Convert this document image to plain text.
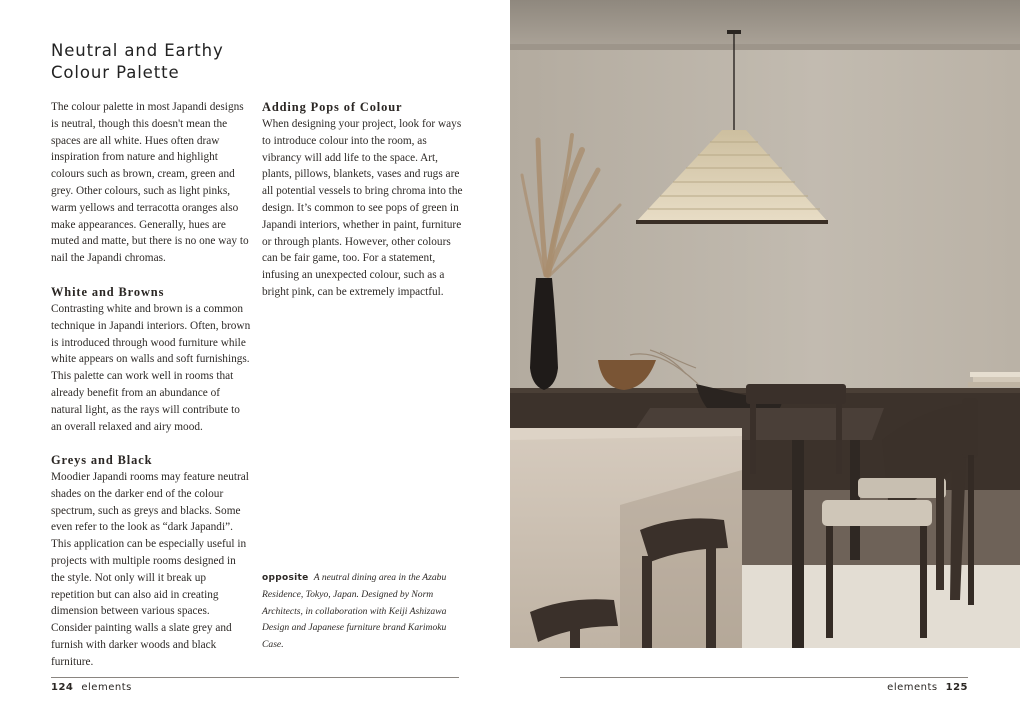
Neutral and Earthy
Colour Palette

The colour palette in most Japandi designs is neutral, though this doesn't mean the spaces are all white. Hues often draw inspiration from nature and highlight colours such as brown, cream, green and grey. Other colours, such as light pinks, warm yellows and terracotta oranges also make appearances. Generally, hues are muted and matte, but there is no one way to nail the Japandi chromas.

White and Browns

Contrasting white and brown is a common technique in Japandi interiors. Often, brown is introduced through wood furniture while white appears on walls and soft furnishings. This palette can work well in rooms that already benefit from an abundance of natural light, as the rays will contribute to an overall relaxed and airy mood.

Greys and Black

Moodier Japandi rooms may feature neutral shades on the darker end of the colour spectrum, such as greys and blacks. Some even refer to the look as “dark Japandi”. This application can be especially useful in projects with multiple rooms designed in the style. Not only will it break up repetition but can also aid in creating dimension between various spaces. Consider painting walls a slate grey and furnish with darker woods and black furniture.

Adding Pops of Colour

When designing your project, look for ways to introduce colour into the room, as vibrancy will add life to the space. Art, plants, pillows, blankets, vases and rugs are all potential vessels to bring chroma into the design. It’s common to see pops of green in Japandi interiors, whether in paint, furniture or through plants. However, other colours can be fair game, too. For a statement, infusing an unexpected colour, such as a bright pink, can be extremely impactful.

opposite A neutral dining area in the Azabu Residence, Tokyo, Japan. Designed by Norm Architects, in collaboration with Keiji Ashizawa Design and Japanese furniture brand Karimoku Case.
124 elements	elements 125
